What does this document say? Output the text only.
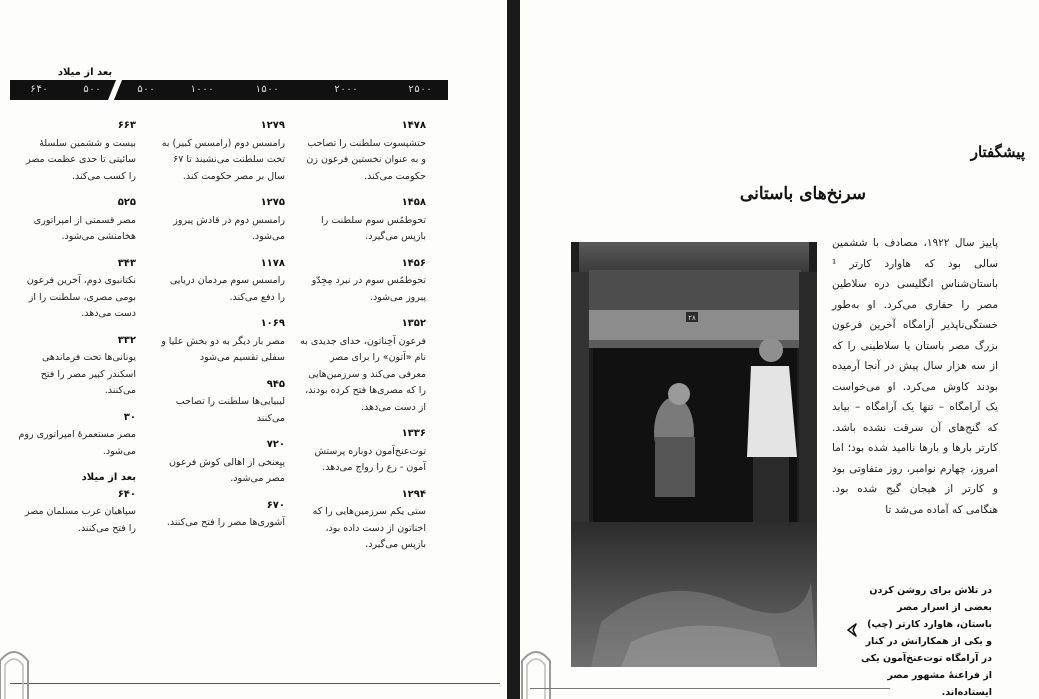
بعد از میلاد
۶۴۰	۵۰۰	۵۰۰	۱۰۰۰	۱۵۰۰	۲۰۰۰	۲۵۰۰
۱۴۷۸
حتشپسوت سلطنت را تصاحب و به عنوان نخستین فرعون زن حکومت می‌کند.
۱۴۵۸
تحوطمُس سوم سلطنت را بازپس می‌گیرد.
۱۴۵۶
تحوطمُس سوم در نبرد مِجِدّو پیروز می‌شود.
۱۳۵۲
فرعون آخِناتون، خدای جدیدی به نام «آتون» را برای مصر معرفی می‌کند و سرزمین‌هایی را که مصری‌ها فتح کرده بودند، از دست می‌دهد.
۱۳۳۶
توت‌عنخ‌آمون دوباره پرستش آمون - رع را رواج می‌دهد.
۱۲۹۴
ستی یکم سرزمین‌هایی را که اخناتون از دست داده بود، بازپس می‌گیرد.
۱۲۷۹
رامسس دوم (رامسس کبیر) به تخت سلطنت می‌نشیند تا ۶۷ سال بر مصر حکومت کند.
۱۲۷۵
رامسس دوم در قادش پیروز می‌شود.
۱۱۷۸
رامسس سوم مردمان دریایی را دفع می‌کند.
۱۰۶۹
مصر بار دیگر به دو بخش علیا و سفلی تقسیم می‌شود
۹۴۵
لیبیایی‌ها سلطنت را تصاحب می‌کنند
۷۲۰
پیِعنخی از اهالی کوش فرعون مصر می‌شود.
۶۷۰
آشوری‌ها مصر را فتح می‌کنند.
۶۶۳
بیست و ششمین سلسلهٔ سائیتی تا حدی عظمت مصر را کسب می‌کند.
۵۲۵
مصر قسمتی از امپراتوری هخامنشی می‌شود.
۳۴۳
نکتانبوی دوم، آخرین فرعون بومی مصری، سلطنت را از دست می‌دهد.
۳۳۲
یونانی‌ها تحت فرماندهی اسکندر کبیر مصر را فتح می‌کنند.
۳۰
مصر مستعمرهٔ امپراتوری روم می‌شود.
بعد از میلاد
۶۴۰
سپاهیان عرب مسلمان مصر را فتح می‌کنند.
پیشگفتار
سرنخ‌های باستانی
۲۸
پاییز سال ۱۹۲۲، مصادف با ششمین سالی بود که هاوارد کارتر ¹ باستان‌شناس انگلیسی دره سلاطین مصر را حفاری می‌کرد. او به‌طور خستگی‌ناپذیر آرامگاه آخرین فرعون بزرگ مصر باستان یا سلاطینی را که از سه هزار سال پیش در آنجا آرمیده بودند کاوش می‌کرد. او می‌خواست یک آرامگاه – تنها یک آرامگاه – بیابد که گنج‌های آن سرقت نشده باشد. کارتر بارها و بارها ناامید شده بود؛ اما امروز، چهارم نوامبر، روز متفاوتی بود و کارتر از هیجان گیج شده بود. هنگامی که آماده می‌شد تا
در تلاش برای روشن کردن بعضی از اسرار مصر باستان، هاوارد کارتر (چپ) و یکی از همکارانش در کنار در آرامگاه توت‌عنخ‌آمون یکی از فراعنهٔ مشهور مصر ایستاده‌اند.
